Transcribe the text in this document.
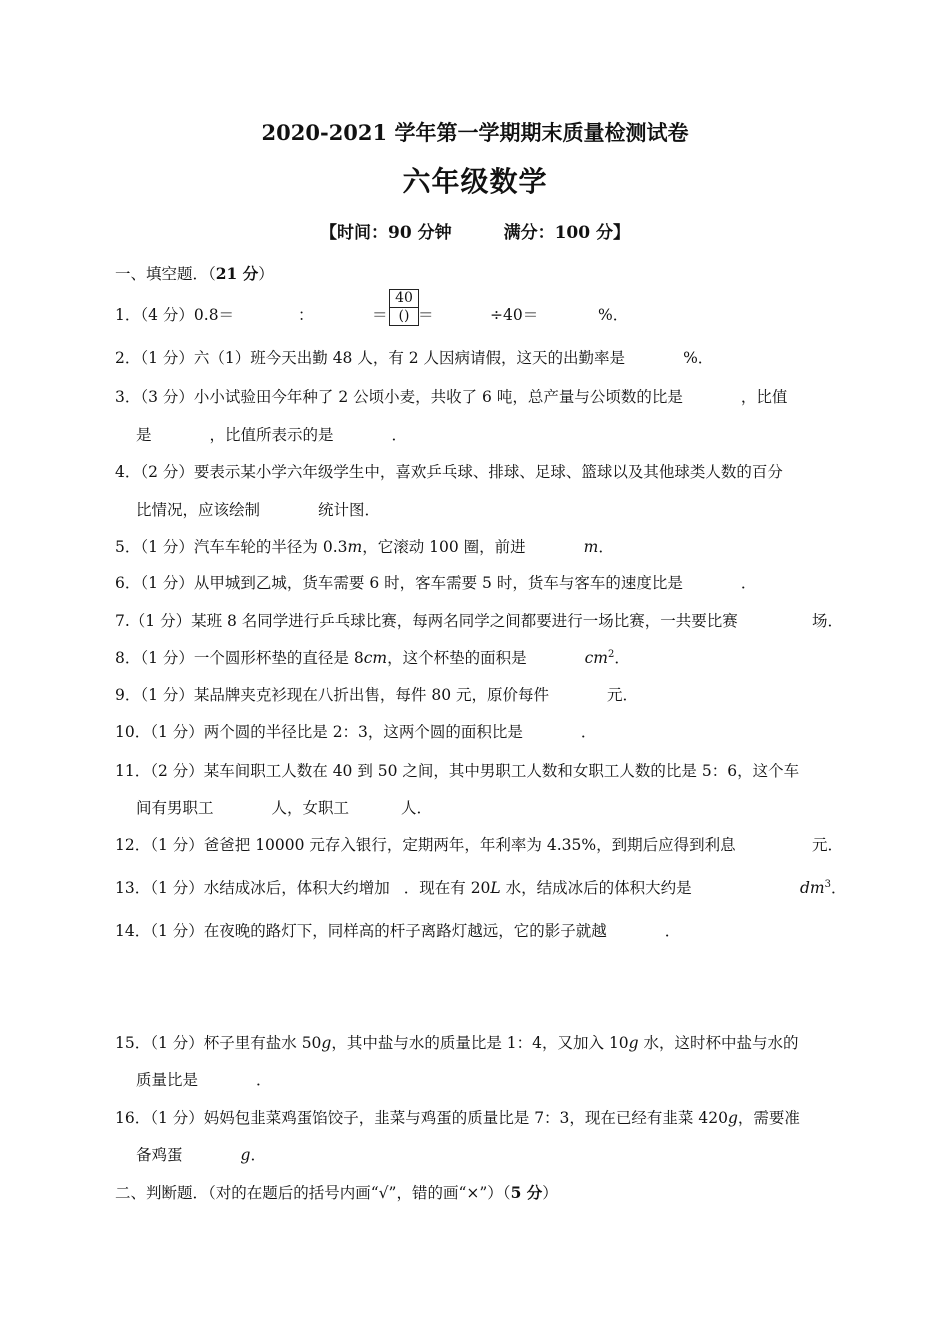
2020-2021 学年第一学期期末质量检测试卷
六年级数学
【时间：90 分钟	满分：100 分】
一、填空题．（21 分）
1．（4 分）0.8＝	：	＝
40
() ＝	÷40＝	%．
2．（1 分）六（1）班今天出勤 48 人，有 2 人因病请假，这天的出勤率是	%．
3．（3 分）小小试验田今年种了 2 公顷小麦，共收了 6 吨，总产量与公顷数的比是	，比值
是	，比值所表示的是	．
4．（2 分）要表示某小学六年级学生中，喜欢乒乓球、排球、足球、篮球以及其他球类人数的百分
比情况，应该绘制	统计图．
5．（1 分）汽车车轮的半径为 0.3m，它滚动 100 圈，前进	m．
6．（1 分）从甲城到乙城，货车需要 6 时，客车需要 5 时，货车与客车的速度比是	．
7.（1 分）某班 8 名同学进行乒乓球比赛，每两名同学之间都要进行一场比赛，一共要比赛	场．
8．（1 分）一个圆形杯垫的直径是 8cm，这个杯垫的面积是	$cm^2$．
9．（1 分）某品牌夹克衫现在八折出售，每件 80 元，原价每件	元．
10．（1 分）两个圆的半径比是 2：3，这两个圆的面积比是	．
11．（2 分）某车间职工人数在 40 到 50 之间，其中男职工人数和女职工人数的比是 5：6，这个车
间有男职工	人，女职工	人．
12．（1 分）爸爸把 10000 元存入银行，定期两年，年利率为 4.35%，到期后应得到利息	元．
13．（1 分）水结成冰后，体积大约增加 ．现在有 20L 水，结成冰后的体积大约是	$dm^3$．
14．（1 分）在夜晚的路灯下，同样高的杆子离路灯越远，它的影子就越	．
15．（1 分）杯子里有盐水 50g，其中盐与水的质量比是 1：4，又加入 10g 水，这时杯中盐与水的
质量比是	．
16．（1 分）妈妈包韭菜鸡蛋馅饺子，韭菜与鸡蛋的质量比是 7：3，现在已经有韭菜 420g，需要准
备鸡蛋	g．
二、判断题．（对的在题后的括号内画“√”，错的画“×”）（5 分）
